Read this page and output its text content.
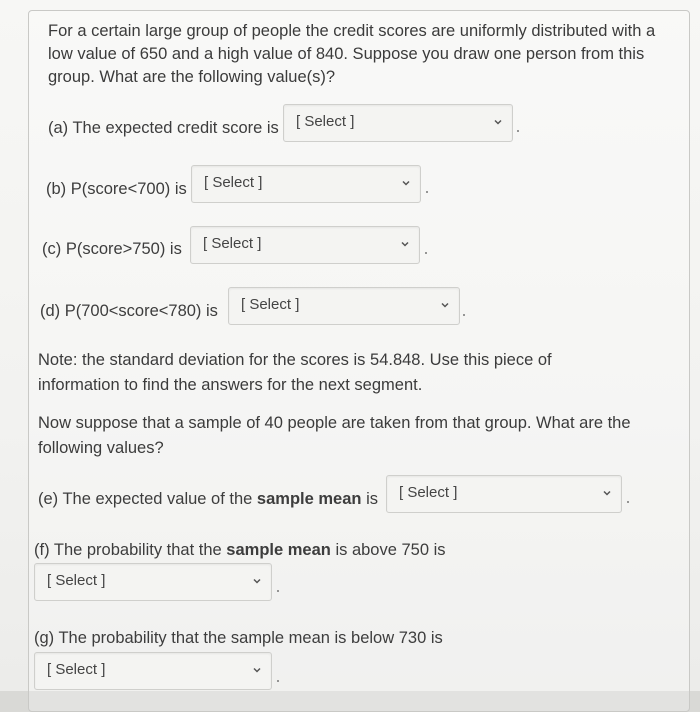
For a certain large group of people the credit scores are uniformly distributed with a low value of 650 and a high value of 840. Suppose you draw one person from this group. What are the following value(s)?
(a) The expected credit score is [ Select ]
(b) P(score<700) is [ Select ]
(c) P(score>750) is [ Select ]
(d) P(700<score<780) is [ Select ]
Note: the standard deviation for the scores is 54.848. Use this piece of information to find the answers for the next segment.
Now suppose that a sample of 40 people are taken from that group. What are the following values?
(e) The expected value of the sample mean is [ Select ]
(f) The probability that the sample mean is above 750 is
[ Select ]
(g) The probability that the sample mean is below 730 is
[ Select ]
